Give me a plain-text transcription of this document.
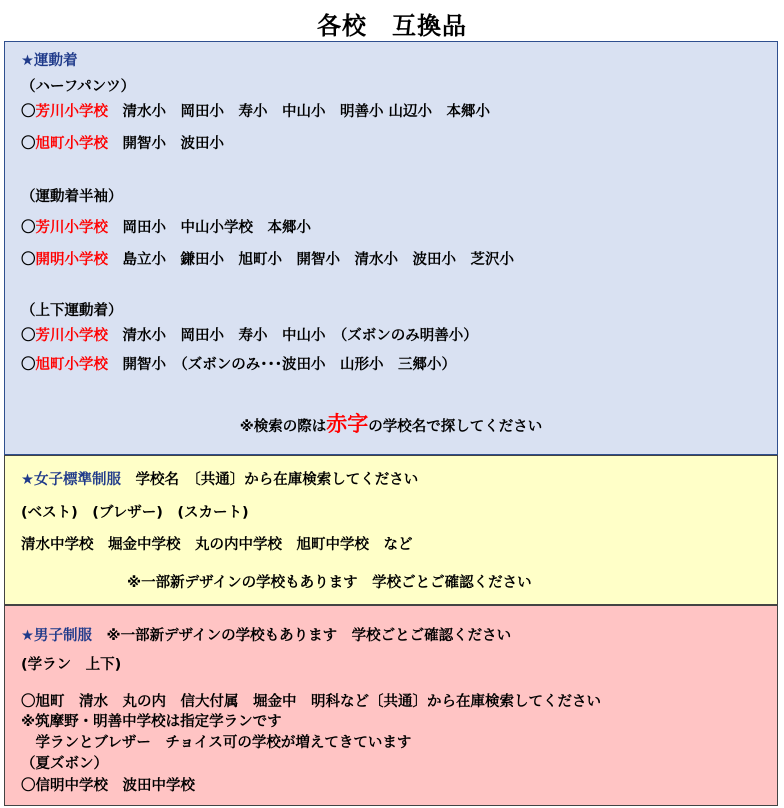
各校　互換品
★運動着
（ハーフパンツ）
〇芳川小学校　清水小　岡田小　寿小　中山小　明善小 山辺小　本郷小
〇旭町小学校　開智小　波田小
（運動着半袖）
〇芳川小学校　岡田小　中山小学校　本郷小
〇開明小学校　島立小　鎌田小　旭町小　開智小　清水小　波田小　芝沢小
（上下運動着）
〇芳川小学校　清水小　岡田小　寿小　中山小　（ズボンのみ明善小）
〇旭町小学校　開智小　（ズボンのみ･･･波田小　山形小　三郷小）
※検索の際は赤字の学校名で探してください
★女子標準制服　学校名　〔共通〕から在庫検索してください
(ベスト)　(ブレザー)　(スカート)
清水中学校　堀金中学校　丸の内中学校　旭町中学校　など
※一部新デザインの学校もあります　学校ごとご確認ください
★男子制服　※一部新デザインの学校もあります　学校ごとご確認ください
(学ラン　上下)
〇旭町　清水　丸の内　信大付属　堀金中　明科など〔共通〕から在庫検索してください
※筑摩野・明善中学校は指定学ランです
　学ランとブレザー　チョイス可の学校が増えてきています
（夏ズボン）
〇信明中学校　波田中学校
